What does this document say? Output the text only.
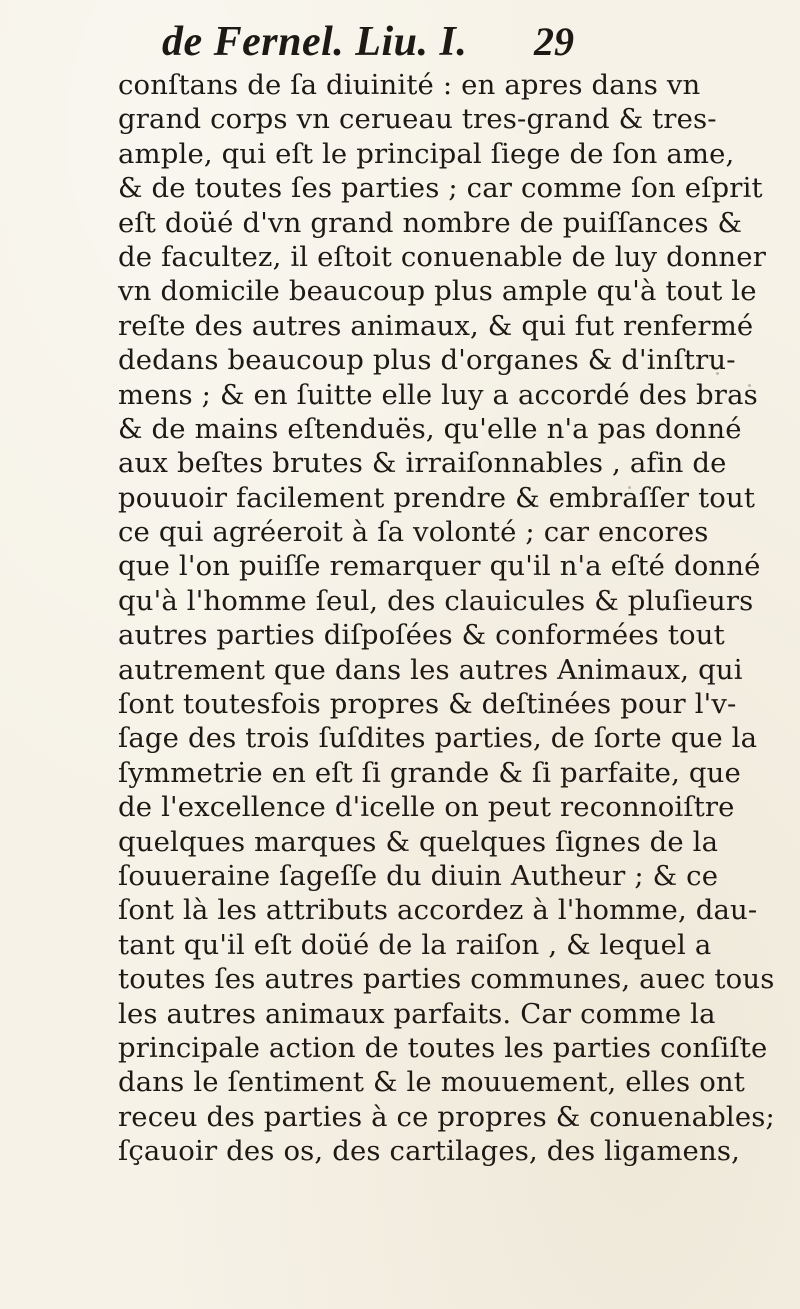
de Fernel. Liu. I. 29
conſtans de ſa diuinité : en apres dans vn
grand corps vn cerueau tres-grand & tres-
ample, qui eſt le principal ſiege de ſon ame,
& de toutes ſes parties ; car comme ſon eſprit
eſt doüé d'vn grand nombre de puiſſances &
de facultez, il eſtoit conuenable de luy donner
vn domicile beaucoup plus ample qu'à tout le
reſte des autres animaux, & qui fut renfermé
dedans beaucoup plus d'organes & d'inſtru-
mens ; & en ſuitte elle luy a accordé des bras
& de mains eſtenduës, qu'elle n'a pas donné
aux beſtes brutes & irraiſonnables , afin de
pouuoir facilement prendre & embraſſer tout
ce qui agréeroit à ſa volonté ; car encores
que l'on puiſſe remarquer qu'il n'a eſté donné
qu'à l'homme ſeul, des clauicules & pluſieurs
autres parties diſpoſées & conformées tout
autrement que dans les autres Animaux, qui
ſont toutesfois propres & deſtinées pour l'v-
ſage des trois ſuſdites parties, de ſorte que la
ſymmetrie en eſt ſi grande & ſi parfaite, que
de l'excellence d'icelle on peut reconnoiſtre
quelques marques & quelques ſignes de la
ſouueraine ſageſſe du diuin Autheur ; & ce
ſont là les attributs accordez à l'homme, dau-
tant qu'il eſt doüé de la raiſon , & lequel a
toutes ſes autres parties communes, auec tous
les autres animaux parfaits. Car comme la
principale action de toutes les parties conſiſte
dans le ſentiment & le mouuement, elles ont
receu des parties à ce propres & conuenables;
ſçauoir des os, des cartilages, des ligamens,
